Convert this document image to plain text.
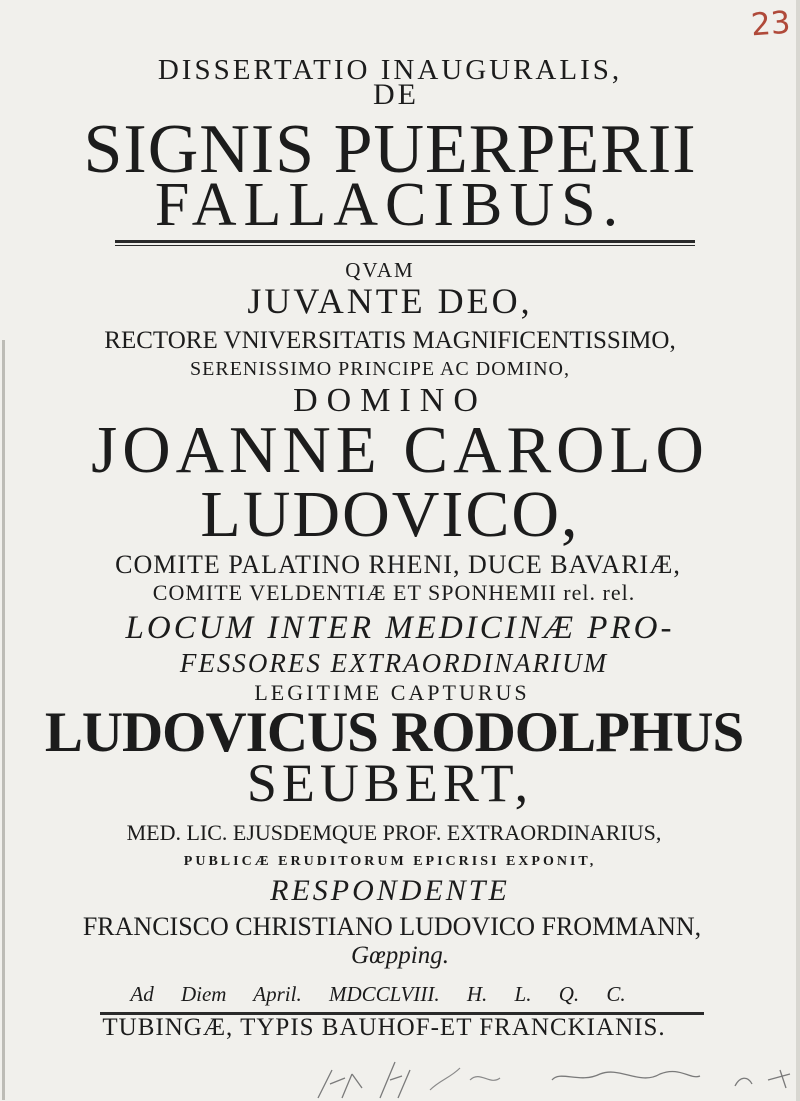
23
DISSERTATIO INAUGURALIS,
DE
SIGNIS PUERPERII
FALLACIBUS.
QVAM
JUVANTE DEO,
RECTORE VNIVERSITATIS MAGNIFICENTISSIMO,
SERENISSIMO PRINCIPE AC DOMINO,
DOMINO
JOANNE CAROLO
LUDOVICO,
COMITE PALATINO RHENI, DUCE BAVARIÆ,
COMITE VELDENTIÆ ET SPONHEMII rel. rel.
LOCUM INTER MEDICINÆ PRO-
FESSORES EXTRAORDINARIUM
LEGITIME CAPTURUS
LUDOVICUS RODOLPHUS
SEUBERT,
MED. LIC. EJUSDEMQUE PROF. EXTRAORDINARIUS,
PUBLICÆ ERUDITORUM EPICRISI EXPONIT,
RESPONDENTE
FRANCISCO CHRISTIANO LUDOVICO FROMMANN,
Gœpping.
Ad Diem April. MDCCLVIII. H. L. Q. C.
TUBINGÆ, TYPIS BAUHOF-ET FRANCKIANIS.
